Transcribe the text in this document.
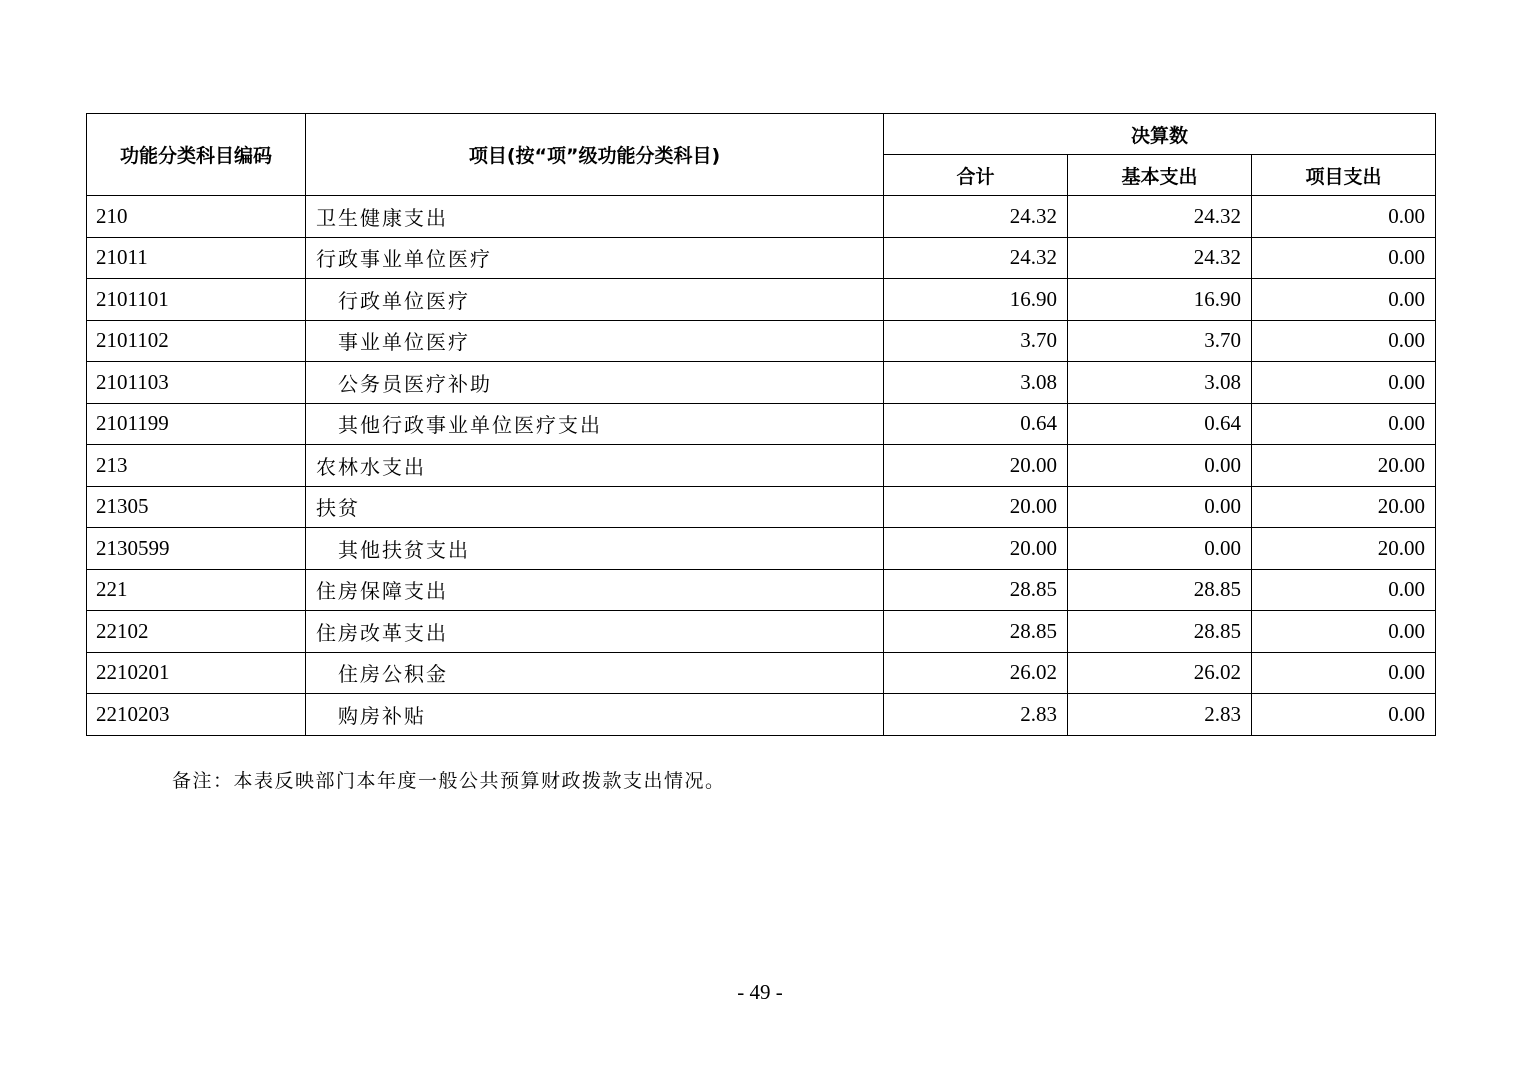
功能分类科目编码	项目(按“项”级功能分类科目)	决算数		
		合计	基本支出	项目支出
210	卫生健康支出	24.32	24.32	0.00
21011	行政事业单位医疗	24.32	24.32	0.00
2101101	行政单位医疗	16.90	16.90	0.00
2101102	事业单位医疗	3.70	3.70	0.00
2101103	公务员医疗补助	3.08	3.08	0.00
2101199	其他行政事业单位医疗支出	0.64	0.64	0.00
213	农林水支出	20.00	0.00	20.00
21305	扶贫	20.00	0.00	20.00
2130599	其他扶贫支出	20.00	0.00	20.00
221	住房保障支出	28.85	28.85	0.00
22102	住房改革支出	28.85	28.85	0.00
2210201	住房公积金	26.02	26.02	0.00
2210203	购房补贴	2.83	2.83	0.00
备注：本表反映部门本年度一般公共预算财政拨款支出情况。
- 49 -
